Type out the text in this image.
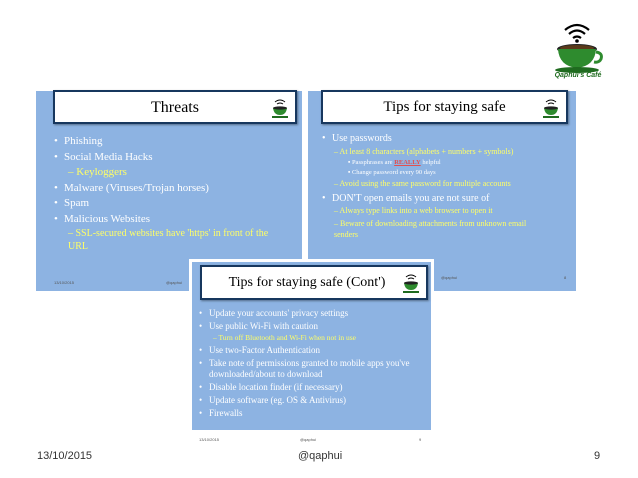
Qaphui's Café
Threats
• Phishing
• Social Media Hacks
– Keyloggers
• Malware (Viruses/Trojan horses)
• Spam
• Malicious Websites
– SSL-secured websites have 'https' in front of the URL
13/10/2015	@qaphui
Tips for staying safe
• Use passwords
– At least 8 characters (alphabets + numbers + symbols)
▪ Passphrases are REALLY helpful
▪ Change password every 90 days
– Avoid using the same password for multiple accounts
• DON'T open emails you are not sure of
– Always type links into a web browser to open it
– Beware of downloading attachments from unknown email senders
@qaphui	8
Tips for staying safe (Cont')
• Update your accounts' privacy settings
• Use public Wi-Fi with caution
– Turn off Bluetooth and Wi-Fi when not in use
• Use two-Factor Authentication
• Take note of permissions granted to mobile apps you've downloaded/about to download
• Disable location finder (if necessary)
• Update software (eg. OS & Antivirus)
• Firewalls
13/10/2015	@qaphui	9
13/10/2015	@qaphui	9
